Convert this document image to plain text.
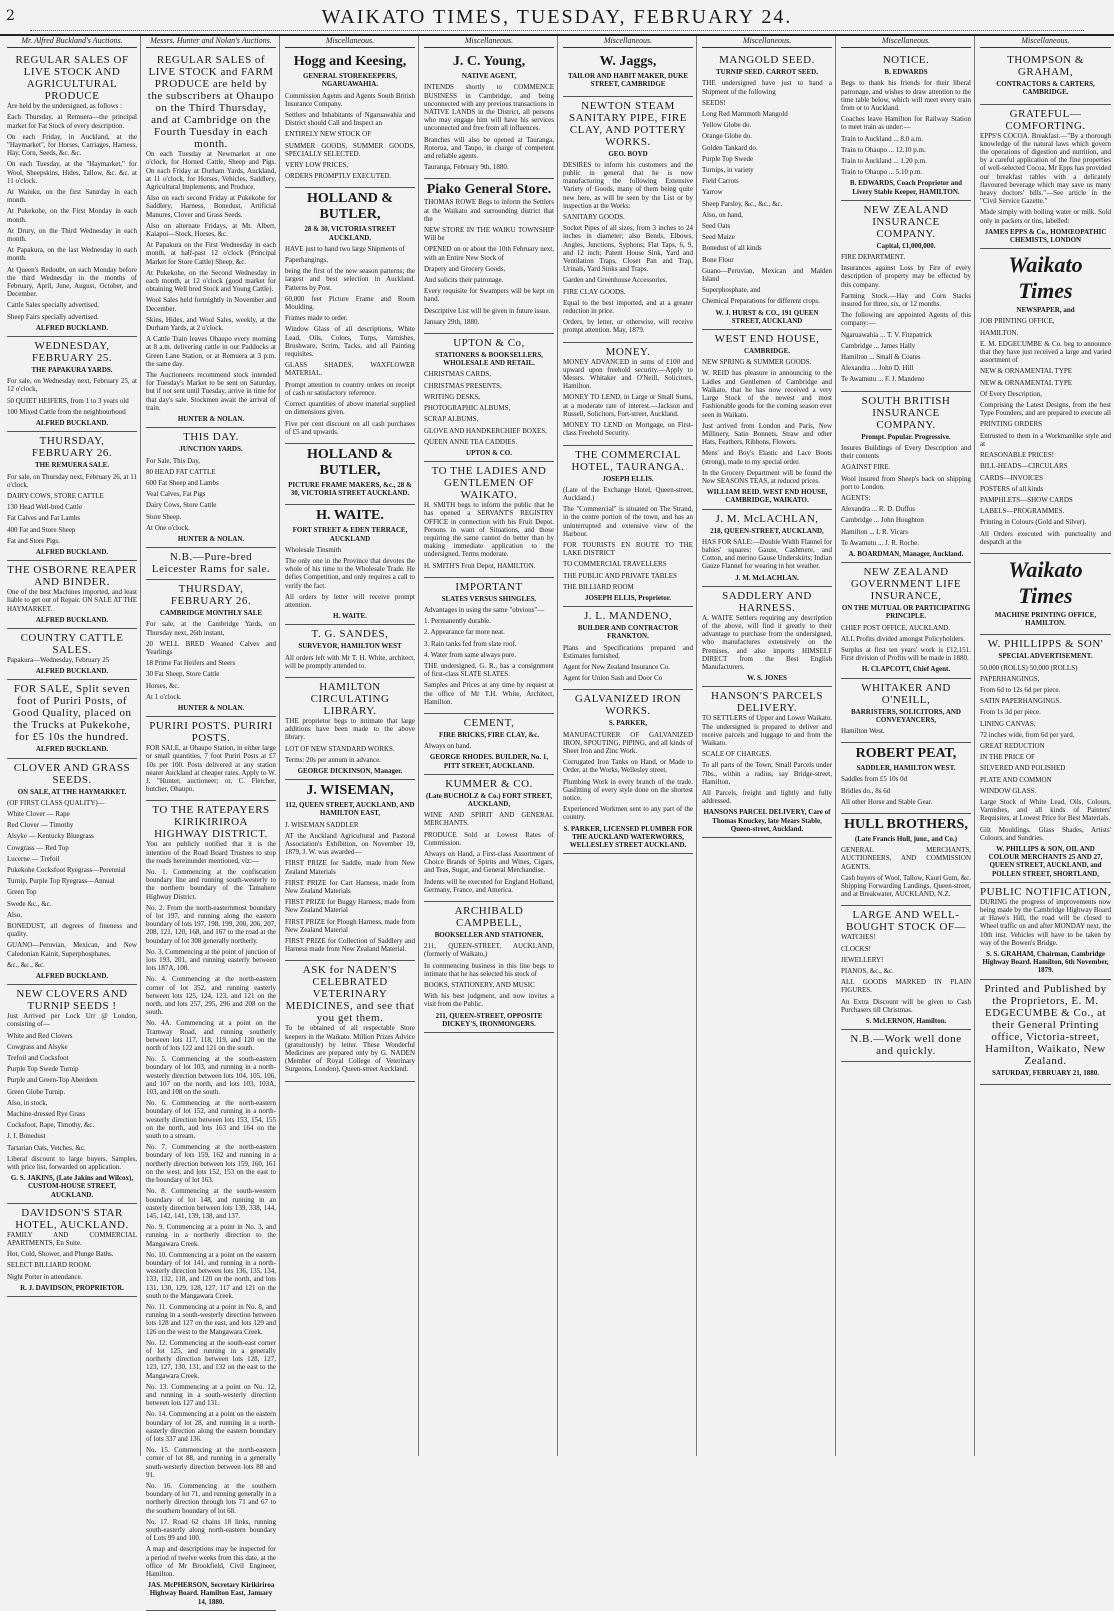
2	WAIKATO TIMES, TUESDAY, FEBRUARY 24.
Mr. Alfred Buckland's Auctions.
REGULAR SALES OF LIVE STOCK AND AGRICULTURAL PRODUCE

Are held by the undersigned, as follows :

Each Thursday, at Remuera—the principal market for Fat Stock of every description.

On each Friday, in Auckland, at the "Haymarket", for Horses, Carriages, Harness, Hay, Corn, Seeds, &c. &c.

On each Tuesday, at the "Haymarket," for Wool, Sheepskins, Hides, Tallow, &c. &c. at 11 o'clock.

At Waiuku, on the first Saturday in each month.

At Pukekohe, on the First Monday in each month.

At Drury, on the Third Wednesday in each month.

At Papakura, on the last Wednesday in each month.

At Queen's Redoubt, on each Monday before the third Wednesday in the months of February, April, June, August, October, and December.

Cattle Sales specially advertised.

Sheep Fairs specially advertised.

ALFRED BUCKLAND.
WEDNESDAY, FEBRUARY 25.
THE PAPAKURA YARDS.

For sale, on Wednesday next, February 25, at 12 o'clock,

50 QUIET HEIFERS, from 1 to 3 years old

100 Mixed Cattle from the neighbourhood

ALFRED BUCKLAND.
THURSDAY, FEBRUARY 26.
THE REMUERA SALE.

For sale, on Thursday next, February 26, at 11 o'clock.

DAIRY COWS, STORE CATTLE

130 Head Well-bred Cattle

Fat Calves and Fat Lambs

400 Fat and Store Sheep

Fat and Store Pigs.

ALFRED BUCKLAND.
THE OSBORNE REAPER AND BINDER.

One of the best Machines imported, and least liable to get out of Repair. ON SALE AT THE HAYMARKET.

ALFRED BUCKLAND.
COUNTRY CATTLE SALES.

Papakura—Wednesday, February 25

ALFRED BUCKLAND.
FOR SALE, Split seven foot of Puriri Posts, of Good Quality, placed on the Trucks at Pukekohe, for £5 10s the hundred.
ALFRED BUCKLAND.
CLOVER AND GRASS SEEDS.
ON SALE, AT THE HAYMARKET.

(OF FIRST CLASS QUALITY)—

White Clover — Rape

Red Clover — Timothy

Alsyke — Kentucky Bluegrass

Cowgrass — Red Top

Lucerne — Trefoil

Pukekohe Cocksfoot Ryegrass—Perennial

Turnip, Purple Top Ryegrass—Annual

Green Top

Swede &c., &c.

Also,

BONEDUST, all degrees of fineness and quality.

GUANO—Peruvian, Mexican, and New Caledonian Kainit, Superphosphates.

&c., &c., &c.

ALFRED BUCKLAND.
NEW CLOVERS AND TURNIP SEEDS !

Just Arrived per Lock Urr @ London, consisting of—

White and Red Clovers

Cowgrass and Alsyke

Trefoil and Cocksfoot

Purple Top Swede Turnip

Purple and Green-Top Aberdeen

Green Globe Turnip.

Also, in stock,

Machine-dressed Rye Grass

Cocksfoot, Rape, Timothy, &c.

J. I. Bonedust

Tartarian Oats, Vetches, &c.

Liberal discount to large buyers. Samples, with price list, forwarded on application.

G. S. JAKINS, (Late Jakins and Wilcox), CUSTOM-HOUSE STREET, AUCKLAND.
DAVIDSON'S STAR HOTEL, AUCKLAND.

FAMILY AND COMMERCIAL APARTMENTS, En Suite.

Hot, Cold, Shower, and Plunge Baths.

SELECT BILLIARD ROOM.

Night Porter in attendance.

R. J. DAVIDSON, PROPRIETOR.
Messrs. Hunter and Nolan's Auctions.
REGULAR SALES of LIVE STOCK and FARM PRODUCE are held by the subscribers at Ohaupo on the Third Thursday, and at Cambridge on the Fourth Tuesday in each month.

On each Tuesday at Newmarket at one o'clock, for Horned Cattle, Sheep and Pigs. On each Friday at Durham Yards, Auckland, at 11 o'clock, for Horses, Vehicles, Saddlery, Agricultural Implements, and Produce.

Also on each second Friday at Pukekohe for Saddlery, Harness, Bonedust, Artificial Manures, Clover and Grass Seeds.

Also on alternate Fridays, at Mt. Albert, Kaiapoi—Stock, Horses, &c.

At Papakura on the First Wednesday in each month, at half-past 12 o'clock (Principal Market for Store Cattle) Sheep, &c.

At Pukekohe, on the Second Wednesday in each month, at 12 o'clock (good market for obtaining Well bred Stock and Young Cattle).

Wool Sales held fortnightly in November and December.

Skins, Hides, and Wool Sales, weekly, at the Durham Yards, at 2 o'clock.

A Cattle Train leaves Ohaupo every morning at 8 a.m. delivering cattle in our Paddocks at Green Lane Station, or at Remuera at 3 p.m. the same day.

The Auctioneers recommend stock intended for Tuesday's Market to be sent on Saturday, but if not sent until Tuesday, arrive in time for that day's sale. Stockmen await the arrival of train.

HUNTER & NOLAN.
THIS DAY.
JUNCTION YARDS.

For Sale, This Day,

80 HEAD FAT CATTLE

600 Fat Sheep and Lambs

Veal Calves, Fat Pigs

Dairy Cows, Store Cattle

Store Sheep.

At One o'clock.

HUNTER & NOLAN.
N.B.—Pure-bred Leicester Rams for sale.
THURSDAY, FEBRUARY 26.
CAMBRIDGE MONTHLY SALE

For sale, at the Cambridge Yards, on Thursday next, 26th instant,

20 WELL BRED Weaned Calves and Yearlings

18 Prime Fat Heifers and Steers

30 Fat Sheep, Store Cattle

Horses, &c.

At 1 o'clock.

HUNTER & NOLAN.
PURIRI POSTS. PURIRI POSTS.

FOR SALE, at Ohaupo Station, in either large or small quantities, 7 foot Puriri Posts at £7 10s per 100. Posts delivered at any station nearer Auckland at cheaper rates. Apply to W. J. "Hunter, auctioneer; or, C. Fletcher, butcher, Ohaupo.

TO THE RATEPAYERS KIRIKIRIROA HIGHWAY DISTRICT.

You are publicly notified that it is the intention of the Road Board Trustees to stop the roads hereinunder mentioned, viz:—

No. 1. Commencing at the confiscation boundary line and running south-westerly to the northern boundary of the Tamahere Highway District.

No. 2. From the north-easternmost boundary of lot 197, and running along the eastern boundary of lots 197, 198, 199, 200, 206, 207, 208, 121, 120, 168, and 167 to the road at the boundary of lot 308 generally northerly.

No. 3. Commencing at the point of junction of lots 193, 201, and running easterly between lots 187A, 108.

No. 4. Commencing at the north-eastern corner of lot 352, and running easterly between lots 125, 124, 123, and 121 on the north, and lots 257, 295, 296 and 208 on the south.

No. 4A. Commencing at a point on the Tramway Road, and running southerly between lots 117, 118, 119, and 120 on the north of lots 122 and 121 on the south.

No. 5. Commencing at the south-eastern boundary of lot 103, and running in a north-westerly direction between lots 104, 105, 106, and 107 on the north, and lots 103, 103A, 103, and 108 on the south.

No. 6. Commencing at the north-eastern boundary of lot 152, and running in a north-westerly direction between lots 153, 154, 155 on the north, and lots 163 and 164 on the south to a stream.

No. 7. Commencing at the north-eastern boundary of lots 159, 162 and running in a northerly direction between lots 159, 160, 161 on the west, and lots 152, 153 on the east to the boundary of lot 163.

No. 8. Commencing at the south-western boundary of lot 148, and running in an easterly direction between lots 139, 338, 144, 145, 142, 141, 139, 138, and 137.

No. 9. Commencing at a point in No. 3, and running in a northerly direction to the Mangawara Creek.

No. 10. Commencing at a point on the eastern boundary of lot 141, and running in a north-westerly direction between lots 136, 135, 134, 133, 132, 118, and 120 on the north, and lots 131, 130, 129, 128, 127, 117 and 121 on the south to the Mangawara Creek.

No. 11. Commencing at a point in No. 8, and running in a south-westerly direction between lots 128 and 127 on the east, and lots 129 and 126 on the west to the Mangawara Creek.

No. 12. Commencing at the south-east corner of lot 125, and running in a generally northerly direction between lots 128, 127, 123, 127, 130, 131, and 132 on the east to the Mangawara Creek.

No. 13. Commencing at a point on No. 12, and running in a south-westerly direction between lots 127 and 131.

No. 14. Commencing at a point on the eastern boundary of lot 28, and running in a north-easterly direction along the eastern boundary of lots 337 and 136.

No. 15. Commencing at the north-eastern corner of lot 88, and running in a generally south-westerly direction between lots 88 and 91.

No. 16. Commencing at the southern boundary of lot 71, and running generally in a northerly direction through lots 71 and 67 to the southern boundary of lot 68.

No. 17. Road 62 chains 18 links, running south-easterly along north-eastern boundary of Lots 99 and 100.

A map and descriptions may be inspected for a period of twelve weeks from this date, at the office of Mr Brookfield, Civil Engineer, Hamilton.

JAS. McPHERSON, Secretary Kirikiriroa Highway Board. Hamilton East, January 14, 1880.
Miscellaneous.
Hogg and Keesing,
GENERAL STOREKEEPERS, NGARUAWAHIA.

Commission Agents and Agents South British Insurance Company.

Settlers and Inhabitants of Ngaruawahia and District should Call and Inspect an

ENTIRELY NEW STOCK OF

SUMMER GOODS, SUMMER GOODS, SPECIALLY SELECTED.

VERY LOW PRICES,

ORDERS PROMPTLY EXECUTED.

HOLLAND & BUTLER,
28 & 30, VICTORIA STREET AUCKLAND.

HAVE just to hand two large Shipments of

Paperhangings,

being the first of the new season patterns; the largest and best selection in Auckland. Patterns by Post.

60,000 feet Picture Frame and Room Moulding.

Frames made to order.

Window Glass of all descriptions, White Lead, Oils, Colors, Turps, Varnishes, Brushware, Scrim, Tacks, and all Painting requisites.

GLASS SHADES, WAXFLOWER MATERIAL.

Prompt attention to country orders on receipt of cash or satisfactory reference.

Correct quantities of above material supplied on dimensions given.

Five per cent discount on all cash purchases of £5 and upwards.

HOLLAND & BUTLER,
PICTURE FRAME MAKERS, &c., 28 & 30, VICTORIA STREET AUCKLAND.
H. WAITE.
FORT STREET & EDEN TERRACE, AUCKLAND

Wholesale Tinsmith

The only one in the Province that devotes the whole of his time to the Wholesale Trade. He defies Competition, and only requires a call to verify the fact.

All orders by letter will receive prompt attention.

H. WAITE.
T. G. SANDES,
SURVEYOR, HAMILTON WEST

All orders left with Mr T. H. White, architect, will be promptly attended to.

HAMILTON CIRCULATING LIBRARY.

THE proprietor begs to intimate that large additions have been made to the above library.

LOT OF NEW STANDARD WORKS.

Terms: 20s per annum in advance.

GEORGE DICKINSON, Manager.
J. WISEMAN,
112, QUEEN STREET, AUCKLAND, AND HAMILTON EAST,

J. WISEMAN SADDLER

AT the Auckland Agricultural and Pastoral Association's Exhibition, on November 19, 1879, J. W. was awarded—

FIRST PRIZE for Saddle, made from New Zealand Materials

FIRST PRIZE for Cart Harness, made from New Zealand Materials

FIRST PRIZE for Buggy Harness, made from New Zealand Material

FIRST PRIZE for Plough Harness, made from New Zealand Material

FIRST PRIZE for Collection of Saddlery and Harness made from New Zealand Material.

ASK for NADEN'S CELEBRATED VETERINARY MEDICINES, and see that you get them.

To be obtained of all respectable Store keepers in the Waikato. Million Prizes Advice (gratuitously) by letter. These Wonderful Medicines are prepared only by G. NADEN (Member of Royal College of Veterinary Surgeons, London), Queen-street Auckland.

Miscellaneous.
J. C. Young,
NATIVE AGENT,

INTENDS shortly to COMMENCE BUSINESS in Cambridge, and being unconnected with any previous transactions in NATIVE LANDS in the District, all persons who may engage him will have his services unconnected and free from all influences.

Branches will also be opened at Tauranga, Rotorua, and Taupo, in charge of competent and reliable agents.

Tauranga, February 9th, 1880.

Piako General Store.

THOMAS ROWE Begs to inform the Settlers at the Waikato and surrounding district that the

NEW STORE IN THE WAIKU TOWNSHIP Will be

OPENED on or about the 10th February next, with an Entire New Stock of

Drapery and Grocery Goods,

And solicits their patronage.

Every requisite for Swampers will be kept on hand.

Descriptive List will be given in future issue.

January 29th, 1880.

UPTON & Co,
STATIONERS & BOOKSELLERS, WHOLESALE AND RETAIL.

CHRISTMAS CARDS,

CHRISTMAS PRESENTS,

WRITING DESKS,

PHOTOGRAPHIC ALBUMS,

SCRAP ALBUMS,

GLOVE AND HANDKERCHIEF BOXES,

QUEEN ANNE TEA CADDIES.

UPTON & CO.
TO THE LADIES AND GENTLEMEN OF WAIKATO.

H. SMITH begs to inform the public that he has opened a SERVANT'S REGISTRY OFFICE in connection with his Fruit Depot. Persons in want of Situations, and those requiring the same cannot do better than by making immediate application to the undersigned. Terms moderate.

H. SMITH'S Fruit Depot, HAMILTON.

IMPORTANT
SLATES VERSUS SHINGLES.

Advantages in using the same "obvious"—

1. Permanently durable.

2. Appearance far more neat.

3. Rain tanks fed from slate roof.

4. Water from same always pure.

THE undersigned, G. R., has a consignment of first-class SLATE SLATES.

Samples and Prices at any time by request at the office of Mr T.H. White, Architect, Hamilton.

CEMENT,
FIRE BRICKS, FIRE CLAY, &c.

Always on hand.

GEORGE RHODES. BUILDER, No. 1, PITT STREET, AUCKLAND.
KUMMER & CO.
(Late BUCHOLZ & Co.) FORT STREET, AUCKLAND,

WINE AND SPIRIT AND GENERAL MERCHANTS.

PRODUCE Sold at Lowest Rates of Commission.

Always on Hand, a First-class Assortment of Choice Brands of Spirits and Wines, Cigars, and Teas, Sugar, and General Merchandise.

Indents will be executed for England Holland, Germany, France, and America.

ARCHIBALD CAMPBELL,
BOOKSELLER AND STATIONER,

211, QUEEN-STREET, AUCKLAND, (formerly of Waikato,)

In commencing business in this line begs to intimate that he has selected his stock of

BOOKS, STATIONERY, AND MUSIC

With his best judgment, and now invites a visit from the Public.

211, QUEEN-STREET, OPPOSITE DICKEY'S, IRONMONGERS.
Miscellaneous.
W. Jaggs,
TAILOR AND HABIT MAKER, DUKE STREET, CAMBRIDGE
NEWTON STEAM SANITARY PIPE, FIRE CLAY, AND POTTERY WORKS.
GEO. BOYD

DESIRES to inform his customers and the public in general that he is now manufacturing the following Extensive Variety of Goods, many of them being quite new here, as will be seen by the List or by inspection at the Works:

SANITARY GOODS.

Socket Pipes of all sizes, from 3 inches to 24 inches in diameter; also Bends, Elbows, Angles, Junctions, Syphons; Flat Taps, 6, 9, and 12 inch; Patent House Sink, Yard and Ventilation Traps, Closet Pan and Trap, Urinals, Yard Sinks and Traps.

Garden and Greenhouse Accessories.

FIRE CLAY GOODS.

Equal to the best imported, and at a greater reduction in price.

Orders, by letter, or otherwise, will receive prompt attention. May, 1879.

MONEY.

MONEY ADVANCED in sums of £100 and upward upon freehold security.—Apply to Messrs. Whitaker and O'Neill, Solicitors, Hamilton.

MONEY TO LEND, in Large or Small Sums, at a moderate rate of interest.—Jackson and Russell, Solicitors, Fort-street, Auckland.

MONEY TO LEND on Mortgage, on First-class Freehold Security.

THE COMMERCIAL HOTEL, TAURANGA.
JOSEPH ELLIS.

(Late of the Exchange Hotel, Queen-street, Auckland.)

The "Commercial" is situated on The Strand, in the centre portion of the town, and has an uninterrupted and extensive view of the Harbour.

FOR TOURISTS EN ROUTE TO THE LAKE DISTRICT

TO COMMERCIAL TRAVELLERS

THE PUBLIC AND PRIVATE TABLES

THE BILLIARD ROOM

JOSEPH ELLIS, Proprietor.
J. L. MANDENO,
BUILDER AND CONTRACTOR FRANKTON.

Plans and Specifications prepared and Estimates furnished.

Agent for New Zealand Insurance Co.

Agent for Union Sash and Door Co

GALVANIZED IRON WORKS.
S. PARKER,

MANUFACTURER OF GALVANIZED IRON, SPOUTING, PIPING, and all kinds of Sheet Iron and Zinc Work.

Corrugated Iron Tanks on Hand, or Made to Order, at the Works, Wellesley street.

Plumbing Work in every branch of the trade. Gasfitting of every style done on the shortest notice.

Experienced Workmen sent to any part of the country.

S. PARKER, LICENSED PLUMBER FOR THE AUCKLAND WATERWORKS, WELLESLEY STREET AUCKLAND.
Miscellaneous.
MANGOLD SEED.
TURNIP SEED. CARROT SEED.

THE undersigned have just to hand a Shipment of the following

SEEDS!

Long Red Mammoth Mangold

Yellow Globe do.

Orange Globe do.

Golden Tankard do.

Purple Top Swede

Turnips, in variety

Field Carrots

Yarrow

Sheep Parsley, &c., &c., &c.

Also, on hand,

Seed Oats

Seed Maize

Bonedust of all kinds

Bone Flour

Guano—Peruvian, Mexican and Malden Island

Superphosphate, and

Chemical Preparations for different crops.

W. J. HURST & CO., 191 QUEEN STREET, AUCKLAND
WEST END HOUSE,
CAMBRIDGE.

NEW SPRING & SUMMER GOODS.

W. REID has pleasure in announcing to the Ladies and Gentlemen of Cambridge and Waikato, that he has now received a very Large Stock of the newest and most Fashionable goods for the coming season ever seen in Waikato.

Just arrived from London and Paris, New Millinery, Satin Bonnets, Straw and other Hats, Feathers, Ribbons, Flowers.

Mens' and Boy's Elastic and Lace Boots (strong), made to my special order.

In the Grocery Department will be found the New SEASONS TEAS, at reduced prices.

WILLIAM REID. WEST END HOUSE, CAMBRIDGE, WAIKATO.
J. M. McLACHLAN,
218, QUEEN-STREET, AUCKLAND,

HAS FOR SALE:—Double Width Flannel for babies' squares; Gauze, Cashmere, and Cotton, and merino Gause Underskirts; Indian Gauze Flannel for wearing in hot weather.

J. M. McLACHLAN.
SADDLERY AND HARNESS.

A. WAITE Settlers requiring any description of the above, will find it greatly to their advantage to purchase from the undersigned, who manufactures extensively on the Premises, and also imports HIMSELF DIRECT from the Best English Manufacturers.

W. S. JONES
HANSON'S PARCELS DELIVERY.

TO SETTLERS of Upper and Lower Waikato. The undersigned is prepared to deliver and receive parcels and luggage to and from the Waikato.

SCALE OF CHARGES.

To all parts of the Town, Small Parcels under 7lbs., within a radius, say Bridge-street, Hamilton.

All Parcels, freight and lightly and fully addressed.

HANSONS PARCEL DELIVERY, Care of Thomas Knuckey, late Mears Stable, Queen-street, Auckland.
Miscellaneous.
NOTICE.
B. EDWARDS

Begs to thank his friends for their liberal patronage, and wishes to draw attention to the time table below, which will meet every train from or to Auckland.

Coaches leave Hamilton for Railway Station to meet train as under:—

Train to Auckland ... 8.0 a.m.

Train to Ohaupo ... 12.10 p.m.

Train to Auckland ... 1.20 p.m.

Train to Ohaupo ... 5.10 p.m.

B. EDWARDS, Coach Proprietor and Livery Stable Keeper, HAMILTON.
NEW ZEALAND INSURANCE COMPANY.
Capital, £1,000,000.

FIRE DEPARTMENT.

Insurances against Loss by Fire of every description of property may be effected by this company.

Farming Stock.—Hay and Corn Stacks insured for three, six, or 12 months.

The following are appointed Agents of this company:—

Ngaruawahia ... T. V. Fitzpatrick

Cambridge ... James Hally

Hamilton ... Small & Coates

Alexandra ... John D. Hill

Te Awamutu ... F. J. Mandeno

SOUTH BRITISH INSURANCE COMPANY.
Prompt. Popular. Progressive.

Insures Buildings of Every Description and their contents

AGAINST FIRE.

Wool insured from Sheep's back on shipping port to London.

AGENTS:

Alexandra ... R. D. Duffus

Cambridge ... John Houghton

Hamilton ... I. R. Vicars

Te Awamutu ... J. R. Roche.

A. BOARDMAN, Manager, Auckland.
NEW ZEALAND GOVERNMENT LIFE INSURANCE,
ON THE MUTUAL OR PARTICIPATING PRINCIPLE.

CHIEF POST OFFICE, AUCKLAND.

ALL Profits divided amongst Policyholders.

Surplus at first ten years' work is £12,151. First division of Profits will be made in 1880.

H. CLAPCOTT, Chief Agent.
WHITAKER AND O'NEILL,
BARRISTERS, SOLICITORS, AND CONVEYANCERS,

Hamilton West.

ROBERT PEAT,
SADDLER, HAMILTON WEST.

Saddles from £5 10s 0d

Bridles do., 8s 6d

All other Horse and Stable Gear.

HULL BROTHERS,
(Late Francis Hull, junr., and Co.)

GENERAL MERCHANTS, AUCTIONEERS, AND COMMISSION AGENTS.

Cash buyers of Wool, Tallow, Kauri Gum, &c. Shipping Forwarding Landings, Queen-street, and at Breakwater, AUCKLAND, N.Z.

LARGE AND WELL-BOUGHT STOCK OF—

WATCHES!

CLOCKS!

JEWELLERY!

PIANOS, &c., &c.

ALL GOODS MARKED IN PLAIN FIGURES.

An Extra Discount will be given to Cash Purchasers till Christmas.

S. McLERNON, Hamilton.
N.B.—Work well done and quickly.
Miscellaneous.
THOMPSON & GRAHAM,
CONTRACTORS & CARTERS, CAMBRIDGE.
GRATEFUL—COMFORTING.

EPPS'S COCOA. Breakfast.—"By a thorough knowledge of the natural laws which govern the operations of digestion and nutrition, and by a careful application of the fine properties of well-selected Cocoa, Mr Epps has provided our breakfast tables with a delicately flavoured beverage which may save us many heavy doctors' bills."—See article in the "Civil Service Gazette."

Made simply with boiling water or milk. Sold only in packets or tins, labelled:

JAMES EPPS & Co., HOMŒOPATHIC CHEMISTS, LONDON
Waikato Times
NEWSPAPER, and

JOB PRINTING OFFICE,

HAMILTON.

E. M. EDGECUMBE & Co. beg to announce that they have just received a large and varied assortment of

NEW & ORNAMENTAL TYPE

NEW & ORNAMENTAL TYPE

Of Every Description,

Comprising the Latest Designs, from the best Type Founders, and are prepared to execute all

PRINTING ORDERS

Entrusted to them in a Workmanlike style and at

REASONABLE PRICES!

BILL-HEADS—CIRCULARS

CARDS—INVOICES

POSTERS of all kinds

PAMPHLETS—SHOW CARDS

LABELS—PROGRAMMES.

Printing in Colours (Gold and Silver).

All Orders executed with punctuality and despatch at the

Waikato Times
MACHINE PRINTING OFFICE, HAMILTON.
W. PHILLIPPS & SON'
SPECIAL ADVERTISEMENT.

50,000 (ROLLS) 50,000 (ROLLS)

PAPERHANGINGS,

From 6d to 12s 6d per piece.

SATIN PAPERHANGINGS.

From 1s 3d per piece.

LINING CANVAS,

72 inches wide, from 6d per yard.

GREAT REDUCTION

IN THE PRICE OF

SILVERED AND POLISHED

PLATE AND COMMON

WINDOW GLASS.

Large Stock of White Lead, Oils, Colours, Varnishes, and all kinds of Painters' Requisites, at Lowest Price for Best Materials.

Gilt Mouldings, Glass Shades, Artists' Colours, and Sundries.

W. PHILLIPS & SON, OIL AND COLOUR MERCHANTS 25 AND 27, QUEEN STREET, AUCKLAND, and POLLEN STREET, SHORTLAND,
PUBLIC NOTIFICATION,

DURING the progress of improvements now being made by the Cambridge Highway Board at Hawe's Hill, the road will be closed to Wheel traffic on and after MONDAY next, the 10th inst. Vehicles will have to be taken by way of the Bowen's Bridge.

S. S. GRAHAM, Chairman, Cambridge Highway Board. Hamilton, 6th November, 1879.
Printed and Published by the Proprietors, E. M. EDGECUMBE & Co., at their General Printing office, Victoria-street, Hamilton, Waikato, New Zealand.
SATURDAY, FEBRUARY 21, 1880.
